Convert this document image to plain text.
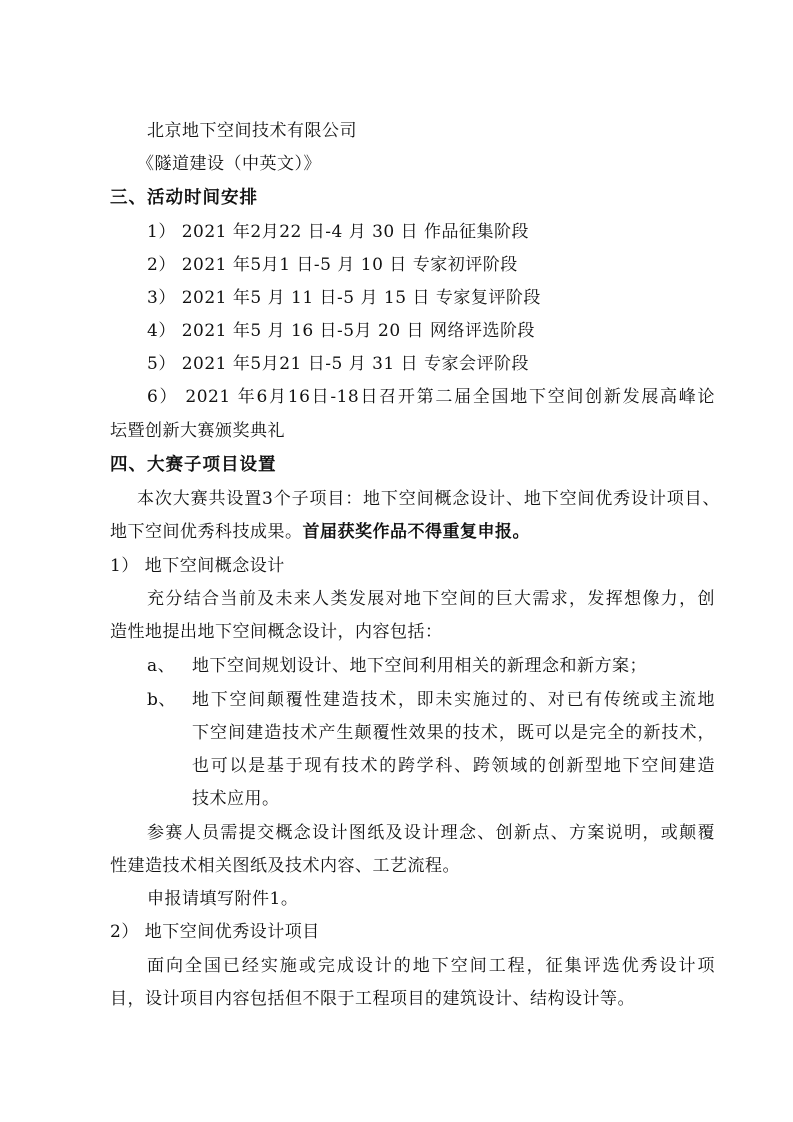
北京地下空间技术有限公司
《隧道建设（中英文）》
三、活动时间安排
1） 2021 年2月22 日-4 月 30 日 作品征集阶段
2） 2021 年5月1 日-5 月 10 日 专家初评阶段
3） 2021 年5 月 11 日-5 月 15 日 专家复评阶段
4） 2021 年5 月 16 日-5月 20 日 网络评选阶段
5） 2021 年5月21 日-5 月 31 日 专家会评阶段
6） 2021 年6月16日-18日召开第二届全国地下空间创新发展高峰论
坛暨创新大赛颁奖典礼
四、大赛子项目设置
本次大赛共设置3个子项目：地下空间概念设计、地下空间优秀设计项目、
地下空间优秀科技成果。首届获奖作品不得重复申报。
1） 地下空间概念设计
充分结合当前及未来人类发展对地下空间的巨大需求，发挥想像力，创
造性地提出地下空间概念设计，内容包括：
a、 地下空间规划设计、地下空间利用相关的新理念和新方案；
b、 地下空间颠覆性建造技术，即未实施过的、对已有传统或主流地
下空间建造技术产生颠覆性效果的技术，既可以是完全的新技术，
也可以是基于现有技术的跨学科、跨领域的创新型地下空间建造
技术应用。
参赛人员需提交概念设计图纸及设计理念、创新点、方案说明，或颠覆
性建造技术相关图纸及技术内容、工艺流程。
申报请填写附件1。
2） 地下空间优秀设计项目
面向全国已经实施或完成设计的地下空间工程，征集评选优秀设计项
目，设计项目内容包括但不限于工程项目的建筑设计、结构设计等。
